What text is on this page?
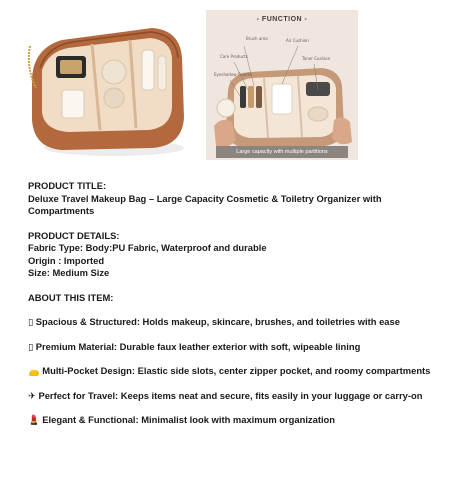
- FUNCTION -
Brush area	Air Cushion
Care Products	Toner Cushion
Eyeshadow Palette
Large capacity with multiple partitions

PRODUCT TITLE:

Deluxe Travel Makeup Bag – Large Capacity Cosmetic & Toiletry Organizer with Compartments

PRODUCT DETAILS:

Fabric Type: Body:PU Fabric, Waterproof and durable

Origin : Imported

Size: Medium Size

ABOUT THIS ITEM:

▯ Spacious & Structured: Holds makeup, skincare, brushes, and toiletries with ease

▯ Premium Material: Durable faux leather exterior with soft, wipeable lining

👝 Multi-Pocket Design: Elastic side slots, center zipper pocket, and roomy compartments

✈ Perfect for Travel: Keeps items neat and secure, fits easily in your luggage or carry-on

💄 Elegant & Functional: Minimalist look with maximum organization
